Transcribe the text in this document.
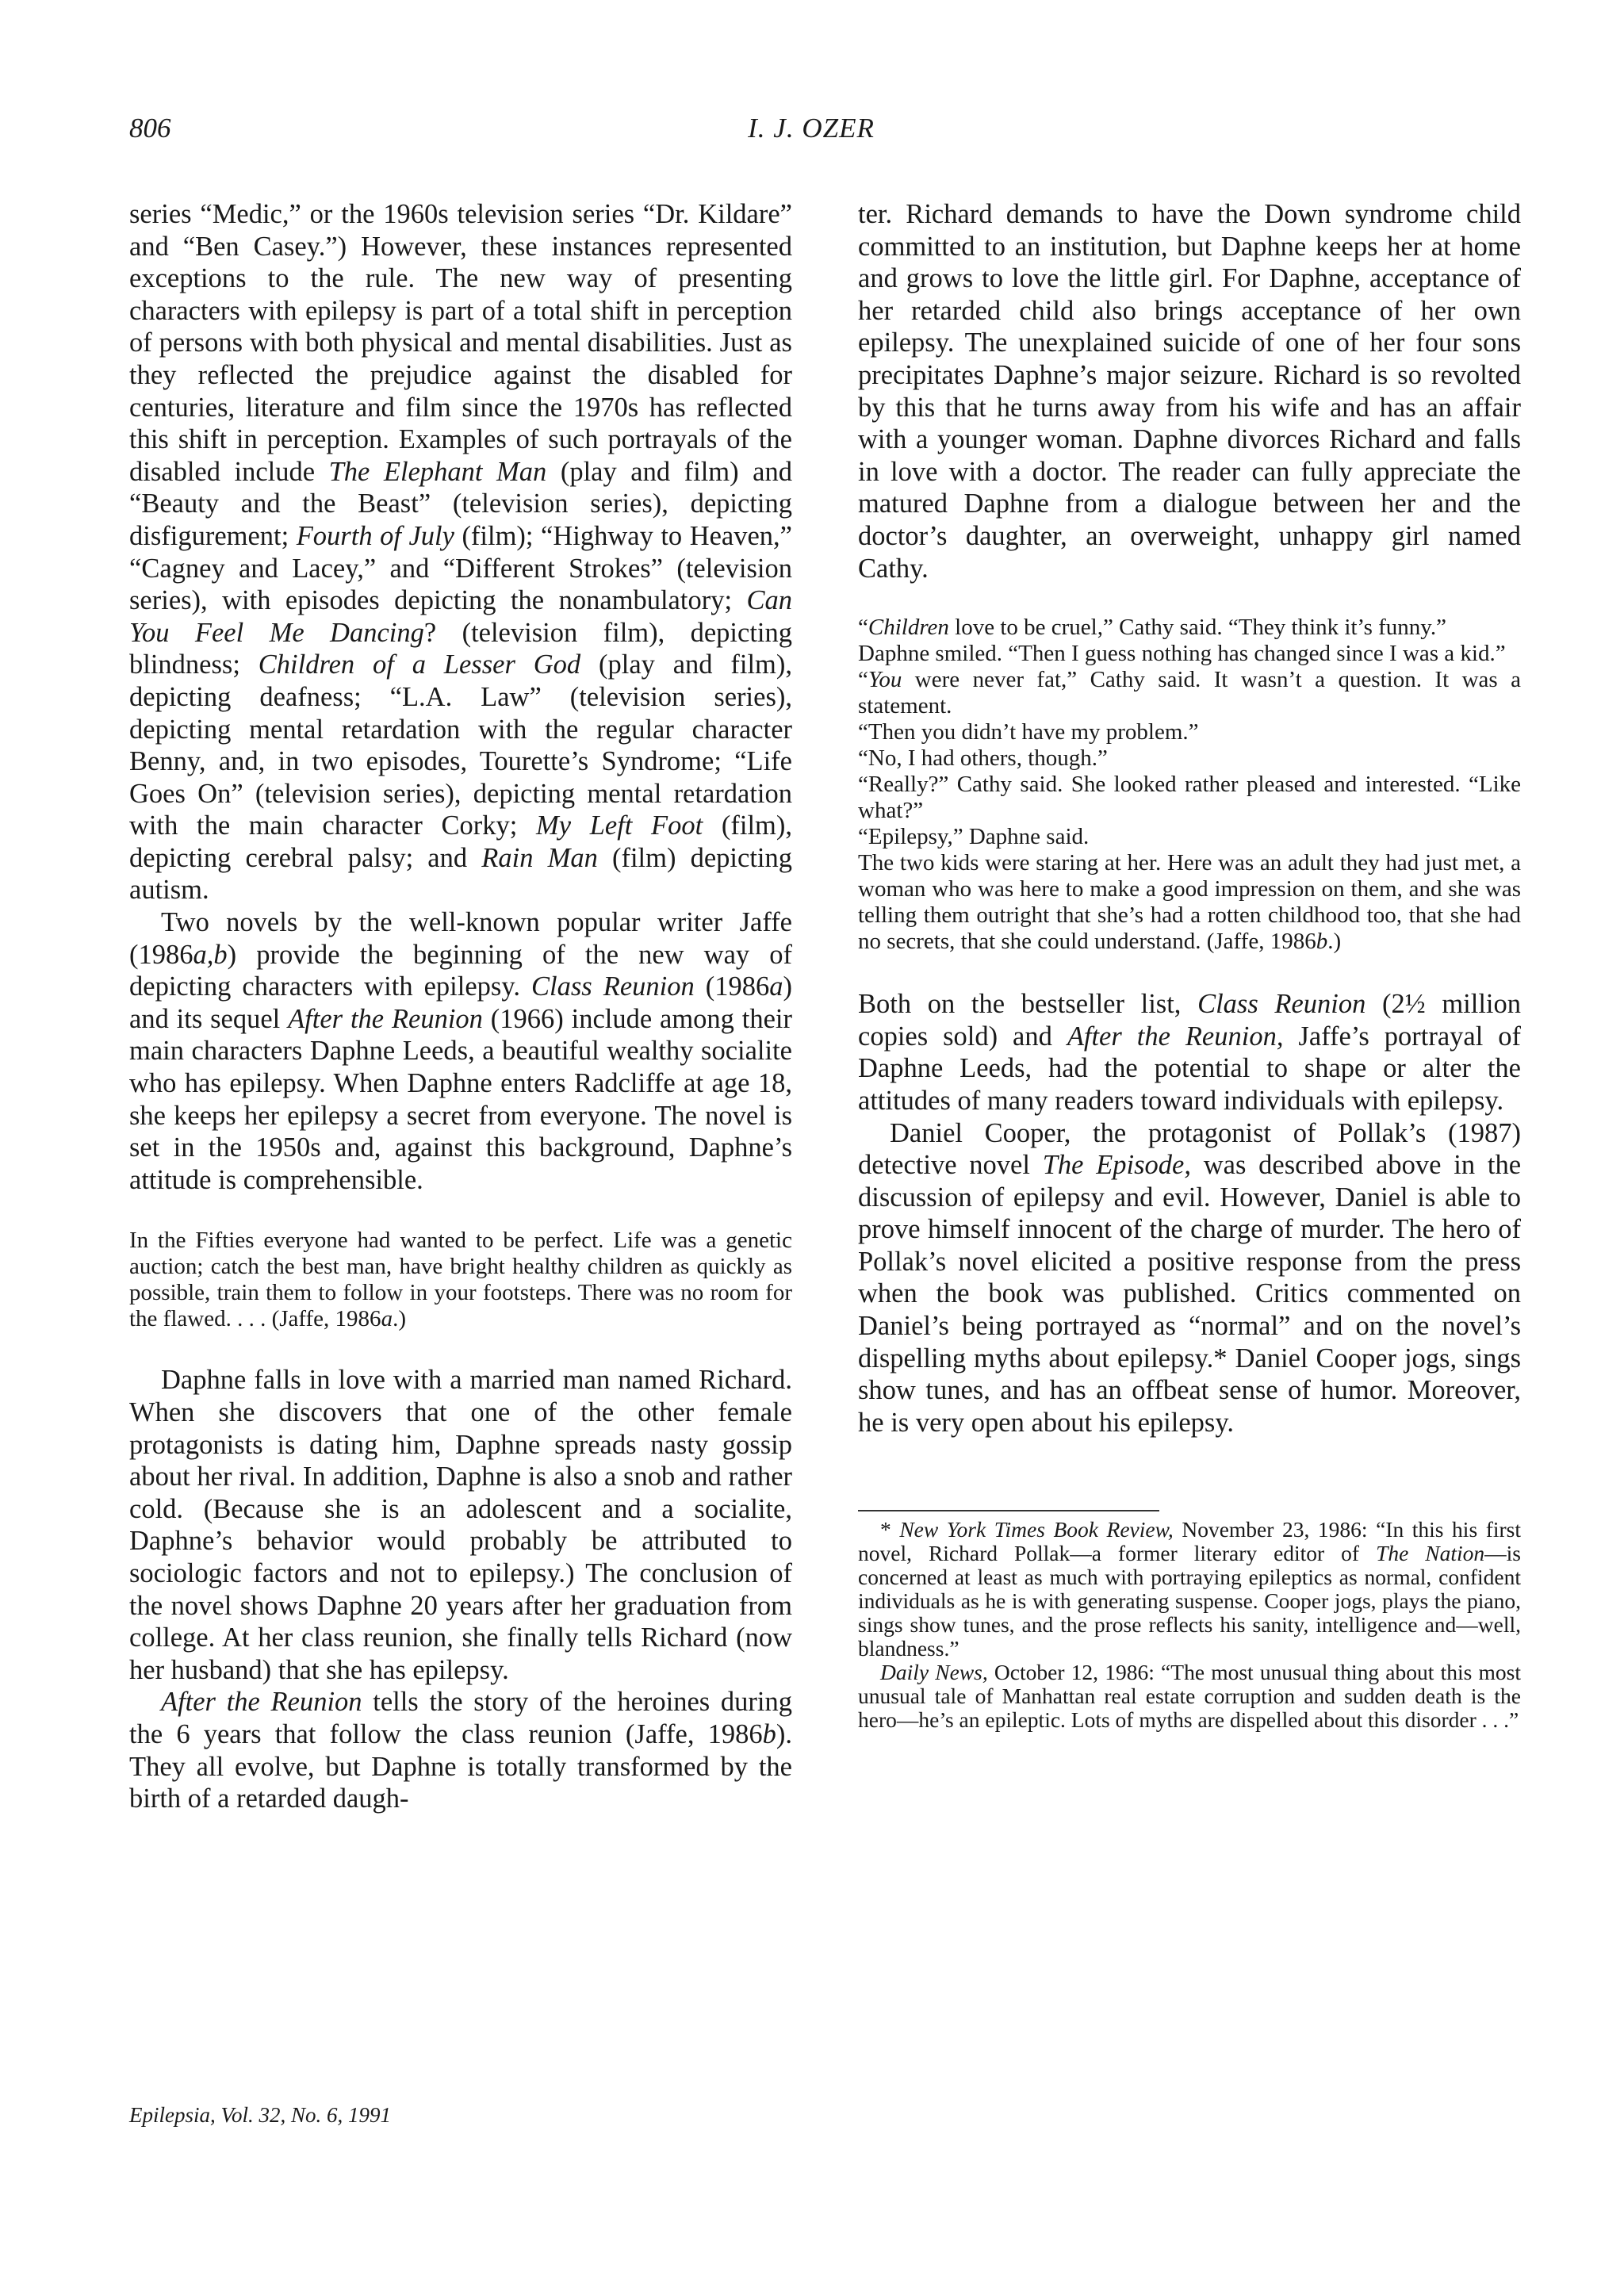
806	I. J. OZER

series “Medic,” or the 1960s television series “Dr. Kildare” and “Ben Casey.”) However, these instances represented exceptions to the rule. The new way of presenting characters with epilepsy is part of a total shift in perception of persons with both physical and mental disabilities. Just as they reflected the prejudice against the disabled for centuries, literature and film since the 1970s has reflected this shift in perception. Examples of such portrayals of the disabled include The Elephant Man (play and film) and “Beauty and the Beast” (television series), depicting disfigurement; Fourth of July (film); “Highway to Heaven,” “Cagney and Lacey,” and “Different Strokes” (television series), with episodes depicting the nonambulatory; Can You Feel Me Dancing? (television film), depicting blindness; Children of a Lesser God (play and film), depicting deafness; “L.A. Law” (television series), depicting mental retardation with the regular character Benny, and, in two episodes, Tourette’s Syndrome; “Life Goes On” (television series), depicting mental retardation with the main character Corky; My Left Foot (film), depicting cerebral palsy; and Rain Man (film) depicting autism.

Two novels by the well-known popular writer Jaffe (1986a,b) provide the beginning of the new way of depicting characters with epilepsy. Class Reunion (1986a) and its sequel After the Reunion (1966) include among their main characters Daphne Leeds, a beautiful wealthy socialite who has epilepsy. When Daphne enters Radcliffe at age 18, she keeps her epilepsy a secret from everyone. The novel is set in the 1950s and, against this background, Daphne’s attitude is comprehensible.

In the Fifties everyone had wanted to be perfect. Life was a genetic auction; catch the best man, have bright healthy children as quickly as possible, train them to follow in your footsteps. There was no room for the flawed. . . . (Jaffe, 1986a.)

Daphne falls in love with a married man named Richard. When she discovers that one of the other female protagonists is dating him, Daphne spreads nasty gossip about her rival. In addition, Daphne is also a snob and rather cold. (Because she is an adolescent and a socialite, Daphne’s behavior would probably be attributed to sociologic factors and not to epilepsy.) The conclusion of the novel shows Daphne 20 years after her graduation from college. At her class reunion, she finally tells Richard (now her husband) that she has epilepsy.

After the Reunion tells the story of the heroines during the 6 years that follow the class reunion (Jaffe, 1986b). They all evolve, but Daphne is totally transformed by the birth of a retarded daugh-

ter. Richard demands to have the Down syndrome child committed to an institution, but Daphne keeps her at home and grows to love the little girl. For Daphne, acceptance of her retarded child also brings acceptance of her own epilepsy. The unexplained suicide of one of her four sons precipitates Daphne’s major seizure. Richard is so revolted by this that he turns away from his wife and has an affair with a younger woman. Daphne divorces Richard and falls in love with a doctor. The reader can fully appreciate the matured Daphne from a dialogue between her and the doctor’s daughter, an overweight, unhappy girl named Cathy.

“Children love to be cruel,” Cathy said. “They think it’s funny.”

Daphne smiled. “Then I guess nothing has changed since I was a kid.”

“You were never fat,” Cathy said. It wasn’t a question. It was a statement.

“Then you didn’t have my problem.”

“No, I had others, though.”

“Really?” Cathy said. She looked rather pleased and interested. “Like what?”

“Epilepsy,” Daphne said.

The two kids were staring at her. Here was an adult they had just met, a woman who was here to make a good impression on them, and she was telling them outright that she’s had a rotten childhood too, that she had no secrets, that she could understand. (Jaffe, 1986b.)

Both on the bestseller list, Class Reunion (2½ million copies sold) and After the Reunion, Jaffe’s portrayal of Daphne Leeds, had the potential to shape or alter the attitudes of many readers toward individuals with epilepsy.

Daniel Cooper, the protagonist of Pollak’s (1987) detective novel The Episode, was described above in the discussion of epilepsy and evil. However, Daniel is able to prove himself innocent of the charge of murder. The hero of Pollak’s novel elicited a positive response from the press when the book was published. Critics commented on Daniel’s being portrayed as “normal” and on the novel’s dispelling myths about epilepsy.* Daniel Cooper jogs, sings show tunes, and has an offbeat sense of humor. Moreover, he is very open about his epilepsy.

* New York Times Book Review, November 23, 1986: “In this his first novel, Richard Pollak—a former literary editor of The Nation—is concerned at least as much with portraying epileptics as normal, confident individuals as he is with generating suspense. Cooper jogs, plays the piano, sings show tunes, and the prose reflects his sanity, intelligence and—well, blandness.”

Daily News, October 12, 1986: “The most unusual thing about this most unusual tale of Manhattan real estate corruption and sudden death is the hero—he’s an epileptic. Lots of myths are dispelled about this disorder . . .”

Epilepsia, Vol. 32, No. 6, 1991
